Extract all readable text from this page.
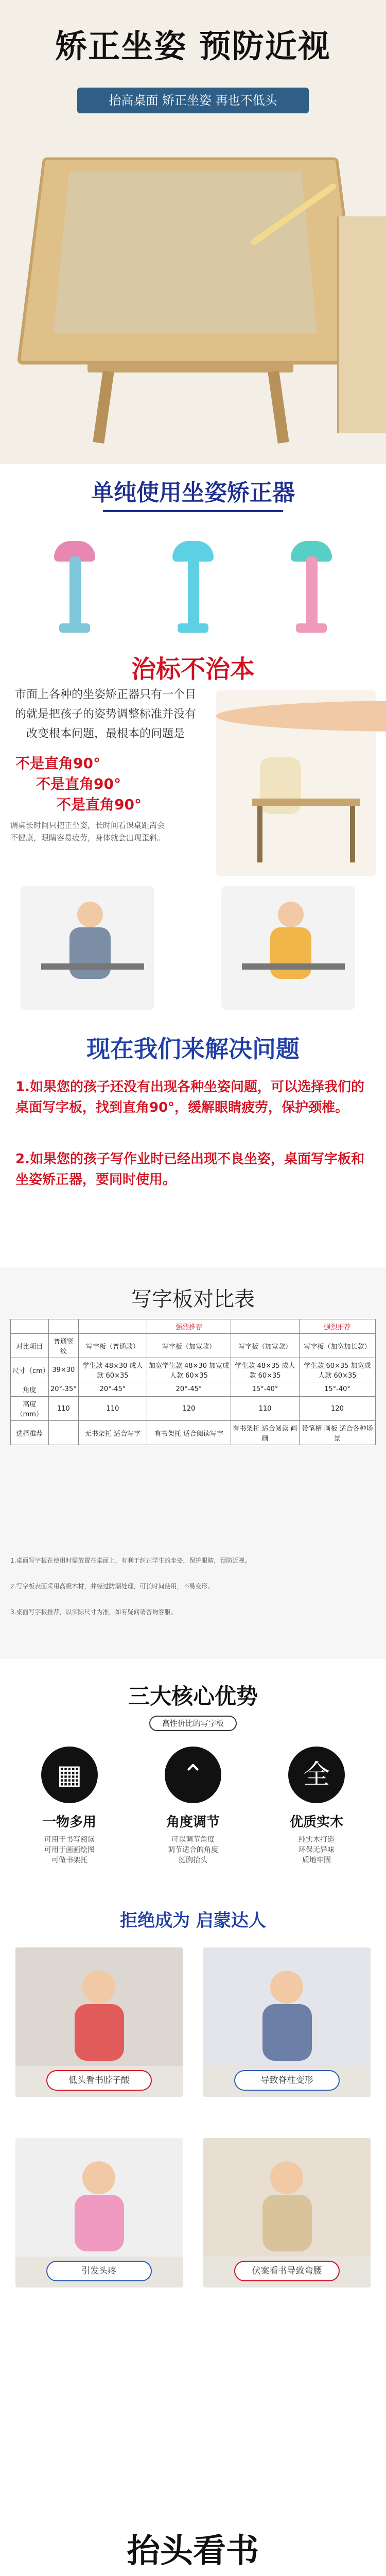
矫正坐姿 预防近视
抬高桌面 矫正坐姿 再也不低头
单纯使用坐姿矫正器
治标不治本
市面上各种的坐姿矫正器只有一个目的就是把孩子的姿势调整标准并没有改变根本问题，最根本的问题是
不是直角90°
不是直角90°
不是直角90°
调桌长时间只把正坐姿，长时间看课桌距离会不健康，眼睛容易疲劳，身体就会出现歪斜。
现在我们来解决问题
1.如果您的孩子还没有出现各种坐姿问题，可以选择我们的桌面写字板，找到直角90°，缓解眼睛疲劳，保护颈椎。
2.如果您的孩子写作业时已经出现不良坐姿，桌面写字板和坐姿矫正器，要同时使用。
写字板对比表
			强烈推荐		强烈推荐
对比项目	普通竖纹	写字板（普通款）	写字板（加宽款）	写字板（加宽款）	写字板（加宽加长款）
尺寸（cm）	39×30	学生款 48×30 成人款 60×35	加宽学生款 48×30 加宽成人款 60×35	学生款 48×35 成人款 60×35	学生款 60×35 加宽成人款 60×35
角度	20°-35°	20°-45°	20°-45°	15°-40°	15°-40°
高度（mm）	110	110	120	110	120
选择推荐		无书架托 适合写字	有书架托 适合阅读写字	有书架托 适合阅读 画画	带笔槽 画板 适合各种场景
1.桌面写字板在使用时需放置在桌面上，有利于纠正学生的坐姿，保护眼睛，预防近视。
2.写字板表面采用高级木材，并经过防潮处理，可长时间使用，不易变形。
3.桌面写字板推荐，以实际尺寸为准，如有疑问请咨询客服。
三大核心优势
高性价比的写字板
▦
一物多用
可用于书写阅读
可用于画画绘图
可做书架托
⌃
角度调节
可以调节角度
调节适合的角度
挺胸抬头
全
优质实木
纯实木打造
环保无异味
质地牢固
拒绝成为 启蒙达人
低头看书脖子酸	导致脊柱变形
引发头疼	伏案看书导致弯腰
抬头看书
